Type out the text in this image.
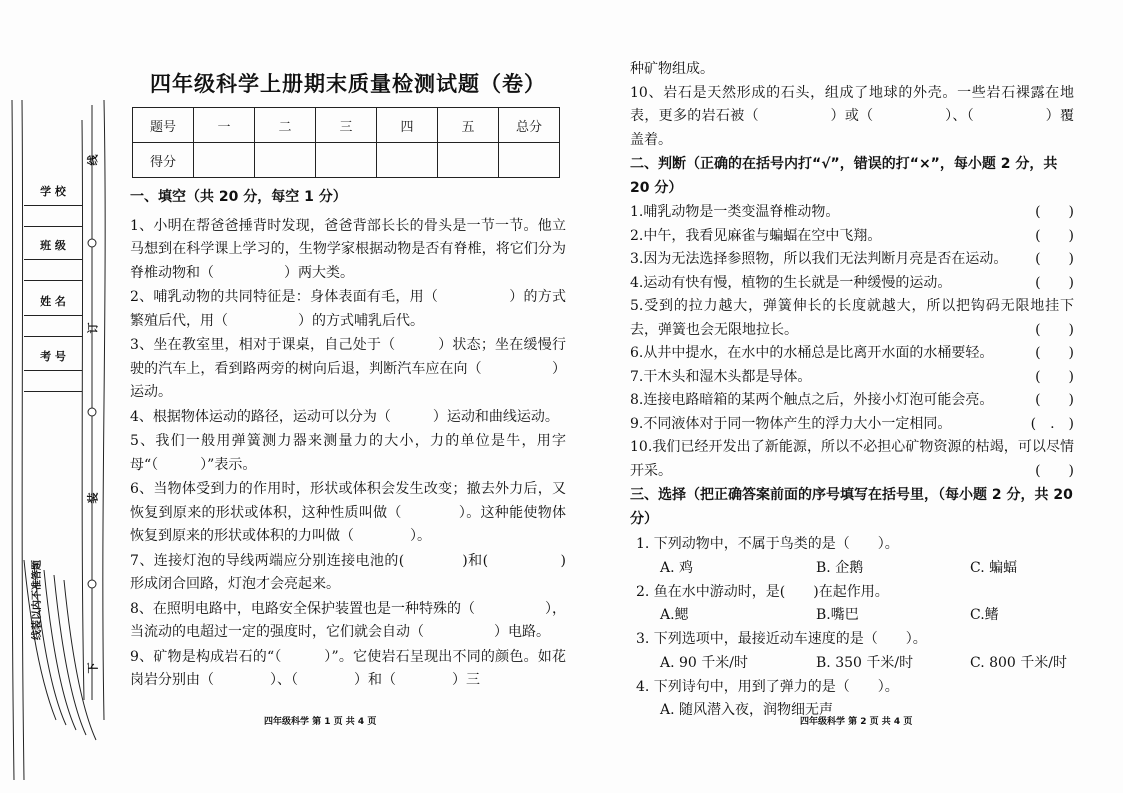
学 校
班 级
姓 名
考 号
线
订
装
下
线装以内不准答题
四年级科学上册期末质量检测试题（卷）
题号	一	二	三	四	五	总分
得分						
一、填空（共 20 分，每空 1 分）
1、小明在帮爸爸捶背时发现，爸爸背部长长的骨头是一节一节。他立马想到在科学课上学习的，生物学家根据动物是否有脊椎，将它们分为脊椎动物和（　　　　　）两大类。
2、哺乳动物的共同特征是：身体表面有毛，用（　　　　　）的方式繁殖后代，用（　　　　　）的方式哺乳后代。
3、坐在教室里，相对于课桌，自己处于（　　　）状态；坐在缓慢行驶的汽车上，看到路两旁的树向后退，判断汽车应在向（　　　　　）运动。
4、根据物体运动的路径，运动可以分为（　　　）运动和曲线运动。
5、我们一般用弹簧测力器来测量力的大小，力的单位是牛，用字母“（　　　）”表示。
6、当物体受到力的作用时，形状或体积会发生改变；撤去外力后，又恢复到原来的形状或体积，这种性质叫做（　　　　）。这种能使物体恢复到原来的形状或体积的力叫做（　　　　）。
7、连接灯泡的导线两端应分别连接电池的(　　　　)和(　　　　　)形成闭合回路，灯泡才会亮起来。
8、在照明电路中，电路安全保护装置也是一种特殊的（　　　　　），当流动的电超过一定的强度时，它们就会自动（　　　　　）电路。
9、矿物是构成岩石的“（　　　）”。它使岩石呈现出不同的颜色。如花岗岩分别由（　　　　）、（　　　　）和（　　　　）三
四年级科学 第 1 页 共 4 页
种矿物组成。
10、岩石是天然形成的石头，组成了地球的外壳。一些岩石裸露在地表，更多的岩石被（　　　　　）或（　　　　　）、（　　　　　）覆盖着。
二、判断（正确的在括号内打“√”，错误的打“×”，每小题 2 分，共 20 分）
1.哺乳动物是一类变温脊椎动物。	(　　)
2.中午，我看见麻雀与蝙蝠在空中飞翔。	(　　)
3.因为无法选择参照物，所以我们无法判断月亮是否在运动。 (　　)
4.运动有快有慢，植物的生长就是一种缓慢的运动。	(　　)
5.受到的拉力越大，弹簧伸长的长度就越大，所以把钩码无限地挂下去，弹簧也会无限地拉长。	(　　)
6.从井中提水，在水中的水桶总是比离开水面的水桶要轻。	(　　)
7.干木头和湿木头都是导体。	(　　)
8.连接电路暗箱的某两个触点之后，外接小灯泡可能会亮。	(　　)
9.不同液体对于同一物体产生的浮力大小一定相同。	(　.　)
10.我们已经开发出了新能源，所以不必担心矿物资源的枯竭，可以尽情开采。	(　　)
三、选择（把正确答案前面的序号填写在括号里，（每小题 2 分，共 20 分）
1. 下列动物中，不属于鸟类的是（　　）。
A. 鸡	B. 企鹅	C. 蝙蝠
2. 鱼在水中游动时，是(　　)在起作用。
A.鳃	B.嘴巴	C.鳍
3. 下列选项中，最接近动车速度的是（　　）。
A. 90 千米/时	B. 350 千米/时	C. 800 千米/时
4. 下列诗句中，用到了弹力的是（　　）。
A. 随风潜入夜，润物细无声
四年级科学 第 2 页 共 4 页
